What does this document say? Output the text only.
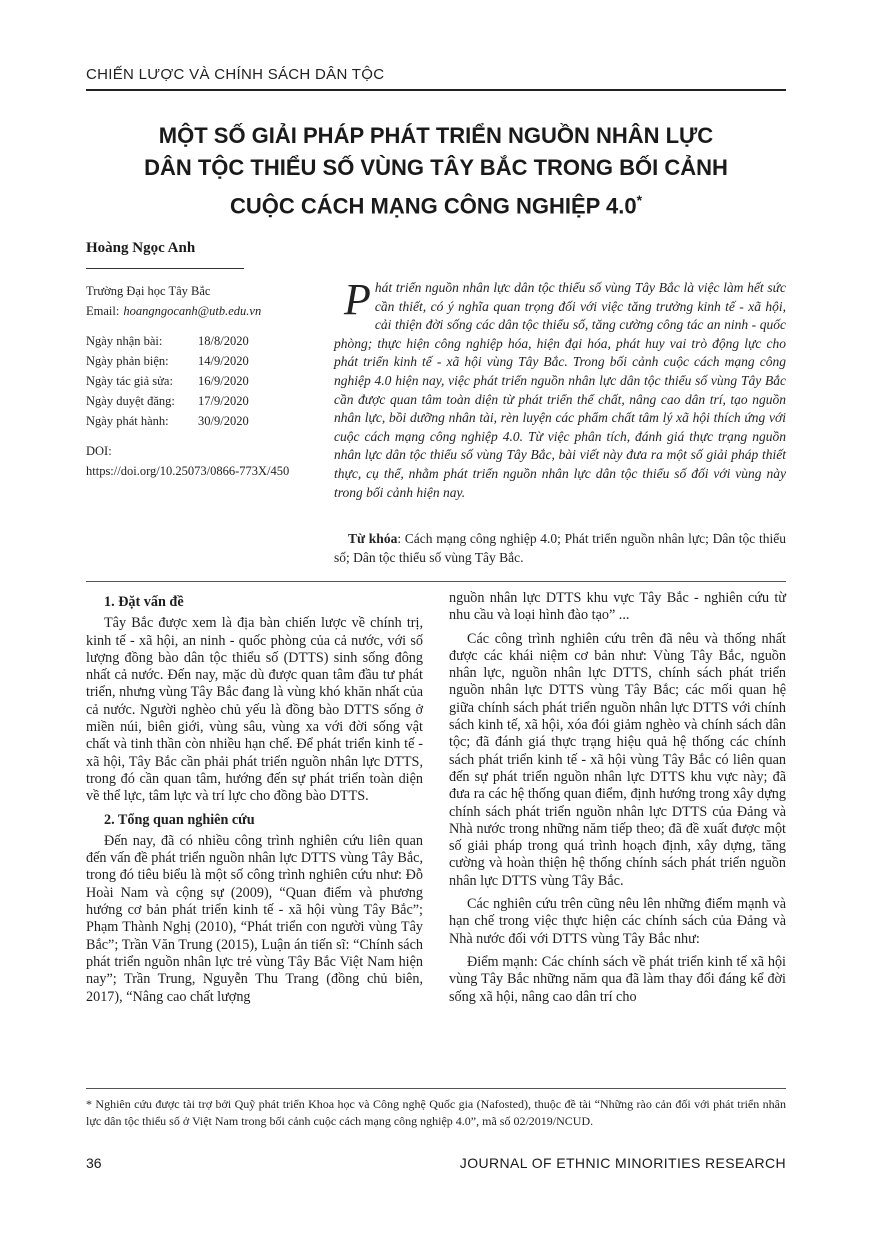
CHIẾN LƯỢC VÀ CHÍNH SÁCH DÂN TỘC
MỘT SỐ GIẢI PHÁP PHÁT TRIỂN NGUỒN NHÂN LỰC
DÂN TỘC THIỂU SỐ VÙNG TÂY BẮC TRONG BỐI CẢNH
CUỘC CÁCH MẠNG CÔNG NGHIỆP 4.0*
Hoàng Ngọc Anh
Trường Đại học Tây Bắc
Email: hoangngocanh@utb.edu.vn
Ngày nhận bài:	18/8/2020
Ngày phản biện:	14/9/2020
Ngày tác giả sửa:	16/9/2020
Ngày duyệt đăng:	17/9/2020
Ngày phát hành:	30/9/2020
DOI:
https://doi.org/10.25073/0866-773X/450
Phát triển nguồn nhân lực dân tộc thiểu số vùng Tây Bắc là việc làm hết sức cần thiết, có ý nghĩa quan trọng đối với việc tăng trưởng kinh tế - xã hội, cải thiện đời sống các dân tộc thiểu số, tăng cường công tác an ninh - quốc phòng; thực hiện công nghiệp hóa, hiện đại hóa, phát huy vai trò động lực cho phát triển kinh tế - xã hội vùng Tây Bắc. Trong bối cảnh cuộc cách mạng công nghiệp 4.0 hiện nay, việc phát triển nguồn nhân lực dân tộc thiểu số vùng Tây Bắc cần được quan tâm toàn diện từ phát triển thể chất, nâng cao dân trí, tạo nguồn nhân lực, bồi dưỡng nhân tài, rèn luyện các phẩm chất tâm lý xã hội thích ứng với cuộc cách mạng công nghiệp 4.0. Từ việc phân tích, đánh giá thực trạng nguồn nhân lực dân tộc thiểu số vùng Tây Bắc, bài viết này đưa ra một số giải pháp thiết thực, cụ thể, nhằm phát triển nguồn nhân lực dân tộc thiểu số đối với vùng này trong bối cảnh hiện nay.
Từ khóa: Cách mạng công nghiệp 4.0; Phát triển nguồn nhân lực; Dân tộc thiểu số; Dân tộc thiểu số vùng Tây Bắc.
1. Đặt vấn đề

Tây Bắc được xem là địa bàn chiến lược về chính trị, kinh tế - xã hội, an ninh - quốc phòng của cả nước, với số lượng đồng bào dân tộc thiểu số (DTTS) sinh sống đông nhất cả nước. Đến nay, mặc dù được quan tâm đầu tư phát triển, nhưng vùng Tây Bắc đang là vùng khó khăn nhất của cả nước. Người nghèo chủ yếu là đồng bào DTTS sống ở miền núi, biên giới, vùng sâu, vùng xa với đời sống vật chất và tinh thần còn nhiều hạn chế. Để phát triển kinh tế - xã hội, Tây Bắc cần phải phát triển nguồn nhân lực DTTS, trong đó cần quan tâm, hướng đến sự phát triển toàn diện về thể lực, tâm lực và trí lực cho đồng bào DTTS.

2. Tổng quan nghiên cứu

Đến nay, đã có nhiều công trình nghiên cứu liên quan đến vấn đề phát triển nguồn nhân lực DTTS vùng Tây Bắc, trong đó tiêu biểu là một số công trình nghiên cứu như: Đỗ Hoài Nam và cộng sự (2009), “Quan điểm và phương hướng cơ bản phát triển kinh tế - xã hội vùng Tây Bắc”; Phạm Thành Nghị (2010), “Phát triển con người vùng Tây Bắc”; Trần Văn Trung (2015), Luận án tiến sĩ: “Chính sách phát triển nguồn nhân lực trẻ vùng Tây Bắc Việt Nam hiện nay”; Trần Trung, Nguyễn Thu Trang (đồng chủ biên, 2017), “Nâng cao chất lượng

nguồn nhân lực DTTS khu vực Tây Bắc - nghiên cứu từ nhu cầu và loại hình đào tạo” ...

Các công trình nghiên cứu trên đã nêu và thống nhất được các khái niệm cơ bản như: Vùng Tây Bắc, nguồn nhân lực, nguồn nhân lực DTTS, chính sách phát triển nguồn nhân lực DTTS vùng Tây Bắc; các mối quan hệ giữa chính sách phát triển nguồn nhân lực DTTS với chính sách kinh tế, xã hội, xóa đói giảm nghèo và chính sách dân tộc; đã đánh giá thực trạng hiệu quả hệ thống các chính sách phát triển kinh tế - xã hội vùng Tây Bắc có liên quan đến sự phát triển nguồn nhân lực DTTS khu vực này; đã đưa ra các hệ thống quan điểm, định hướng trong xây dựng chính sách phát triển nguồn nhân lực DTTS của Đảng và Nhà nước trong những năm tiếp theo; đã đề xuất được một số giải pháp trong quá trình hoạch định, xây dựng, tăng cường và hoàn thiện hệ thống chính sách phát triển nguồn nhân lực DTTS vùng Tây Bắc.

Các nghiên cứu trên cũng nêu lên những điểm mạnh và hạn chế trong việc thực hiện các chính sách của Đảng và Nhà nước đối với DTTS vùng Tây Bắc như:

Điểm mạnh: Các chính sách về phát triển kinh tế xã hội vùng Tây Bắc những năm qua đã làm thay đổi đáng kể đời sống xã hội, nâng cao dân trí cho

* Nghiên cứu được tài trợ bởi Quỹ phát triển Khoa học và Công nghệ Quốc gia (Nafosted), thuộc đề tài “Những rào cản đối với phát triển nhân lực dân tộc thiểu số ở Việt Nam trong bối cảnh cuộc cách mạng công nghiệp 4.0”, mã số 02/2019/NCUD.
36	JOURNAL OF ETHNIC MINORITIES RESEARCH
